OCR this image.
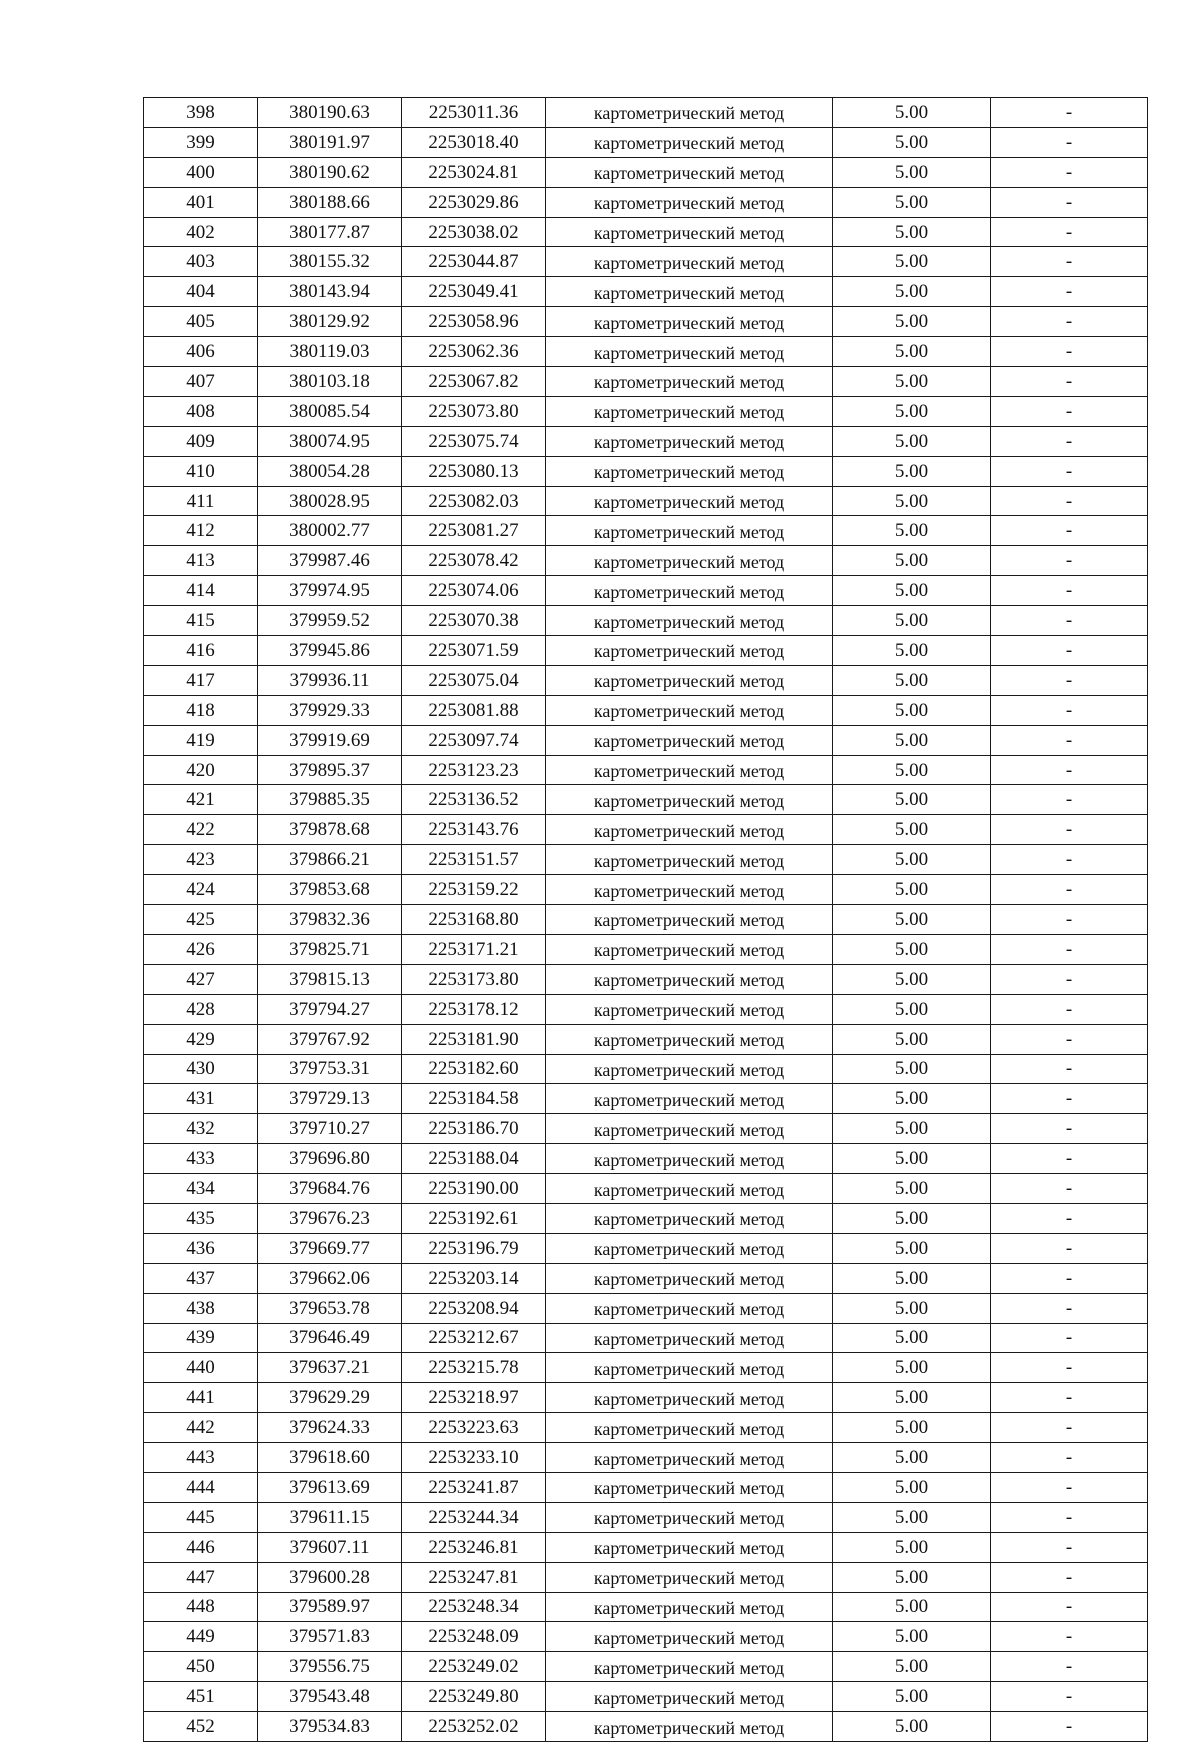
398	380190.63	2253011.36	картометрический метод	5.00	-
399	380191.97	2253018.40	картометрический метод	5.00	-
400	380190.62	2253024.81	картометрический метод	5.00	-
401	380188.66	2253029.86	картометрический метод	5.00	-
402	380177.87	2253038.02	картометрический метод	5.00	-
403	380155.32	2253044.87	картометрический метод	5.00	-
404	380143.94	2253049.41	картометрический метод	5.00	-
405	380129.92	2253058.96	картометрический метод	5.00	-
406	380119.03	2253062.36	картометрический метод	5.00	-
407	380103.18	2253067.82	картометрический метод	5.00	-
408	380085.54	2253073.80	картометрический метод	5.00	-
409	380074.95	2253075.74	картометрический метод	5.00	-
410	380054.28	2253080.13	картометрический метод	5.00	-
411	380028.95	2253082.03	картометрический метод	5.00	-
412	380002.77	2253081.27	картометрический метод	5.00	-
413	379987.46	2253078.42	картометрический метод	5.00	-
414	379974.95	2253074.06	картометрический метод	5.00	-
415	379959.52	2253070.38	картометрический метод	5.00	-
416	379945.86	2253071.59	картометрический метод	5.00	-
417	379936.11	2253075.04	картометрический метод	5.00	-
418	379929.33	2253081.88	картометрический метод	5.00	-
419	379919.69	2253097.74	картометрический метод	5.00	-
420	379895.37	2253123.23	картометрический метод	5.00	-
421	379885.35	2253136.52	картометрический метод	5.00	-
422	379878.68	2253143.76	картометрический метод	5.00	-
423	379866.21	2253151.57	картометрический метод	5.00	-
424	379853.68	2253159.22	картометрический метод	5.00	-
425	379832.36	2253168.80	картометрический метод	5.00	-
426	379825.71	2253171.21	картометрический метод	5.00	-
427	379815.13	2253173.80	картометрический метод	5.00	-
428	379794.27	2253178.12	картометрический метод	5.00	-
429	379767.92	2253181.90	картометрический метод	5.00	-
430	379753.31	2253182.60	картометрический метод	5.00	-
431	379729.13	2253184.58	картометрический метод	5.00	-
432	379710.27	2253186.70	картометрический метод	5.00	-
433	379696.80	2253188.04	картометрический метод	5.00	-
434	379684.76	2253190.00	картометрический метод	5.00	-
435	379676.23	2253192.61	картометрический метод	5.00	-
436	379669.77	2253196.79	картометрический метод	5.00	-
437	379662.06	2253203.14	картометрический метод	5.00	-
438	379653.78	2253208.94	картометрический метод	5.00	-
439	379646.49	2253212.67	картометрический метод	5.00	-
440	379637.21	2253215.78	картометрический метод	5.00	-
441	379629.29	2253218.97	картометрический метод	5.00	-
442	379624.33	2253223.63	картометрический метод	5.00	-
443	379618.60	2253233.10	картометрический метод	5.00	-
444	379613.69	2253241.87	картометрический метод	5.00	-
445	379611.15	2253244.34	картометрический метод	5.00	-
446	379607.11	2253246.81	картометрический метод	5.00	-
447	379600.28	2253247.81	картометрический метод	5.00	-
448	379589.97	2253248.34	картометрический метод	5.00	-
449	379571.83	2253248.09	картометрический метод	5.00	-
450	379556.75	2253249.02	картометрический метод	5.00	-
451	379543.48	2253249.80	картометрический метод	5.00	-
452	379534.83	2253252.02	картометрический метод	5.00	-
